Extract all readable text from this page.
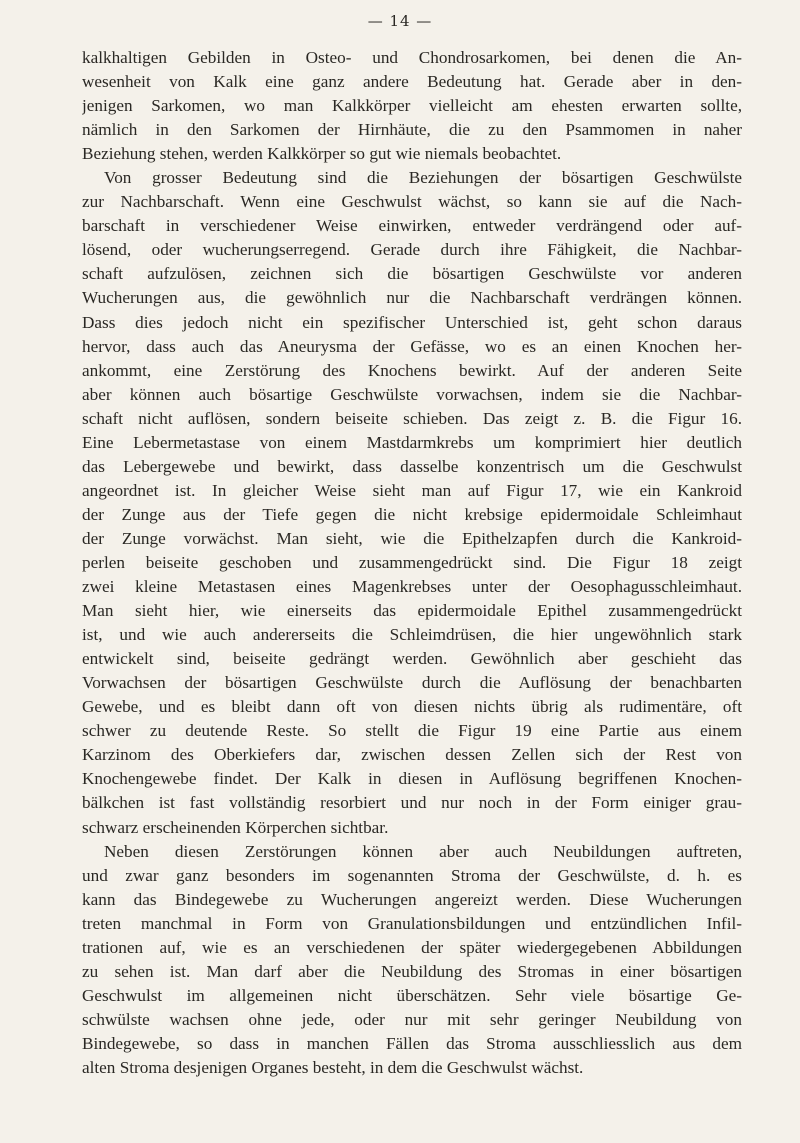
— 14 —

kalkhaltigen Gebilden in Osteo- und Chondrosarkomen, bei denen die An-
wesenheit von Kalk eine ganz andere Bedeutung hat. Gerade aber in den-
jenigen Sarkomen, wo man Kalkkörper vielleicht am ehesten erwarten sollte,
nämlich in den Sarkomen der Hirnhäute, die zu den Psammomen in naher
Beziehung stehen, werden Kalkkörper so gut wie niemals beobachtet.

Von grosser Bedeutung sind die Beziehungen der bösartigen Geschwülste
zur Nachbarschaft. Wenn eine Geschwulst wächst, so kann sie auf die Nach-
barschaft in verschiedener Weise einwirken, entweder verdrängend oder auf-
lösend, oder wucherungserregend. Gerade durch ihre Fähigkeit, die Nachbar-
schaft aufzulösen, zeichnen sich die bösartigen Geschwülste vor anderen
Wucherungen aus, die gewöhnlich nur die Nachbarschaft verdrängen können.
Dass dies jedoch nicht ein spezifischer Unterschied ist, geht schon daraus
hervor, dass auch das Aneurysma der Gefässe, wo es an einen Knochen her-
ankommt, eine Zerstörung des Knochens bewirkt. Auf der anderen Seite
aber können auch bösartige Geschwülste vorwachsen, indem sie die Nachbar-
schaft nicht auflösen, sondern beiseite schieben. Das zeigt z. B. die Figur 16.
Eine Lebermetastase von einem Mastdarmkrebs um komprimiert hier deutlich
das Lebergewebe und bewirkt, dass dasselbe konzentrisch um die Geschwulst
angeordnet ist. In gleicher Weise sieht man auf Figur 17, wie ein Kankroid
der Zunge aus der Tiefe gegen die nicht krebsige epidermoidale Schleimhaut
der Zunge vorwächst. Man sieht, wie die Epithelzapfen durch die Kankroid-
perlen beiseite geschoben und zusammengedrückt sind. Die Figur 18 zeigt
zwei kleine Metastasen eines Magenkrebses unter der Oesophagusschleimhaut.
Man sieht hier, wie einerseits das epidermoidale Epithel zusammengedrückt
ist, und wie auch andererseits die Schleimdrüsen, die hier ungewöhnlich stark
entwickelt sind, beiseite gedrängt werden. Gewöhnlich aber geschieht das
Vorwachsen der bösartigen Geschwülste durch die Auflösung der benachbarten
Gewebe, und es bleibt dann oft von diesen nichts übrig als rudimentäre, oft
schwer zu deutende Reste. So stellt die Figur 19 eine Partie aus einem
Karzinom des Oberkiefers dar, zwischen dessen Zellen sich der Rest von
Knochengewebe findet. Der Kalk in diesen in Auflösung begriffenen Knochen-
bälkchen ist fast vollständig resorbiert und nur noch in der Form einiger grau-
schwarz erscheinenden Körperchen sichtbar.

Neben diesen Zerstörungen können aber auch Neubildungen auftreten,
und zwar ganz besonders im sogenannten Stroma der Geschwülste, d. h. es
kann das Bindegewebe zu Wucherungen angereizt werden. Diese Wucherungen
treten manchmal in Form von Granulationsbildungen und entzündlichen Infil-
trationen auf, wie es an verschiedenen der später wiedergegebenen Abbildungen
zu sehen ist. Man darf aber die Neubildung des Stromas in einer bösartigen
Geschwulst im allgemeinen nicht überschätzen. Sehr viele bösartige Ge-
schwülste wachsen ohne jede, oder nur mit sehr geringer Neubildung von
Bindegewebe, so dass in manchen Fällen das Stroma ausschliesslich aus dem
alten Stroma desjenigen Organes besteht, in dem die Geschwulst wächst.
